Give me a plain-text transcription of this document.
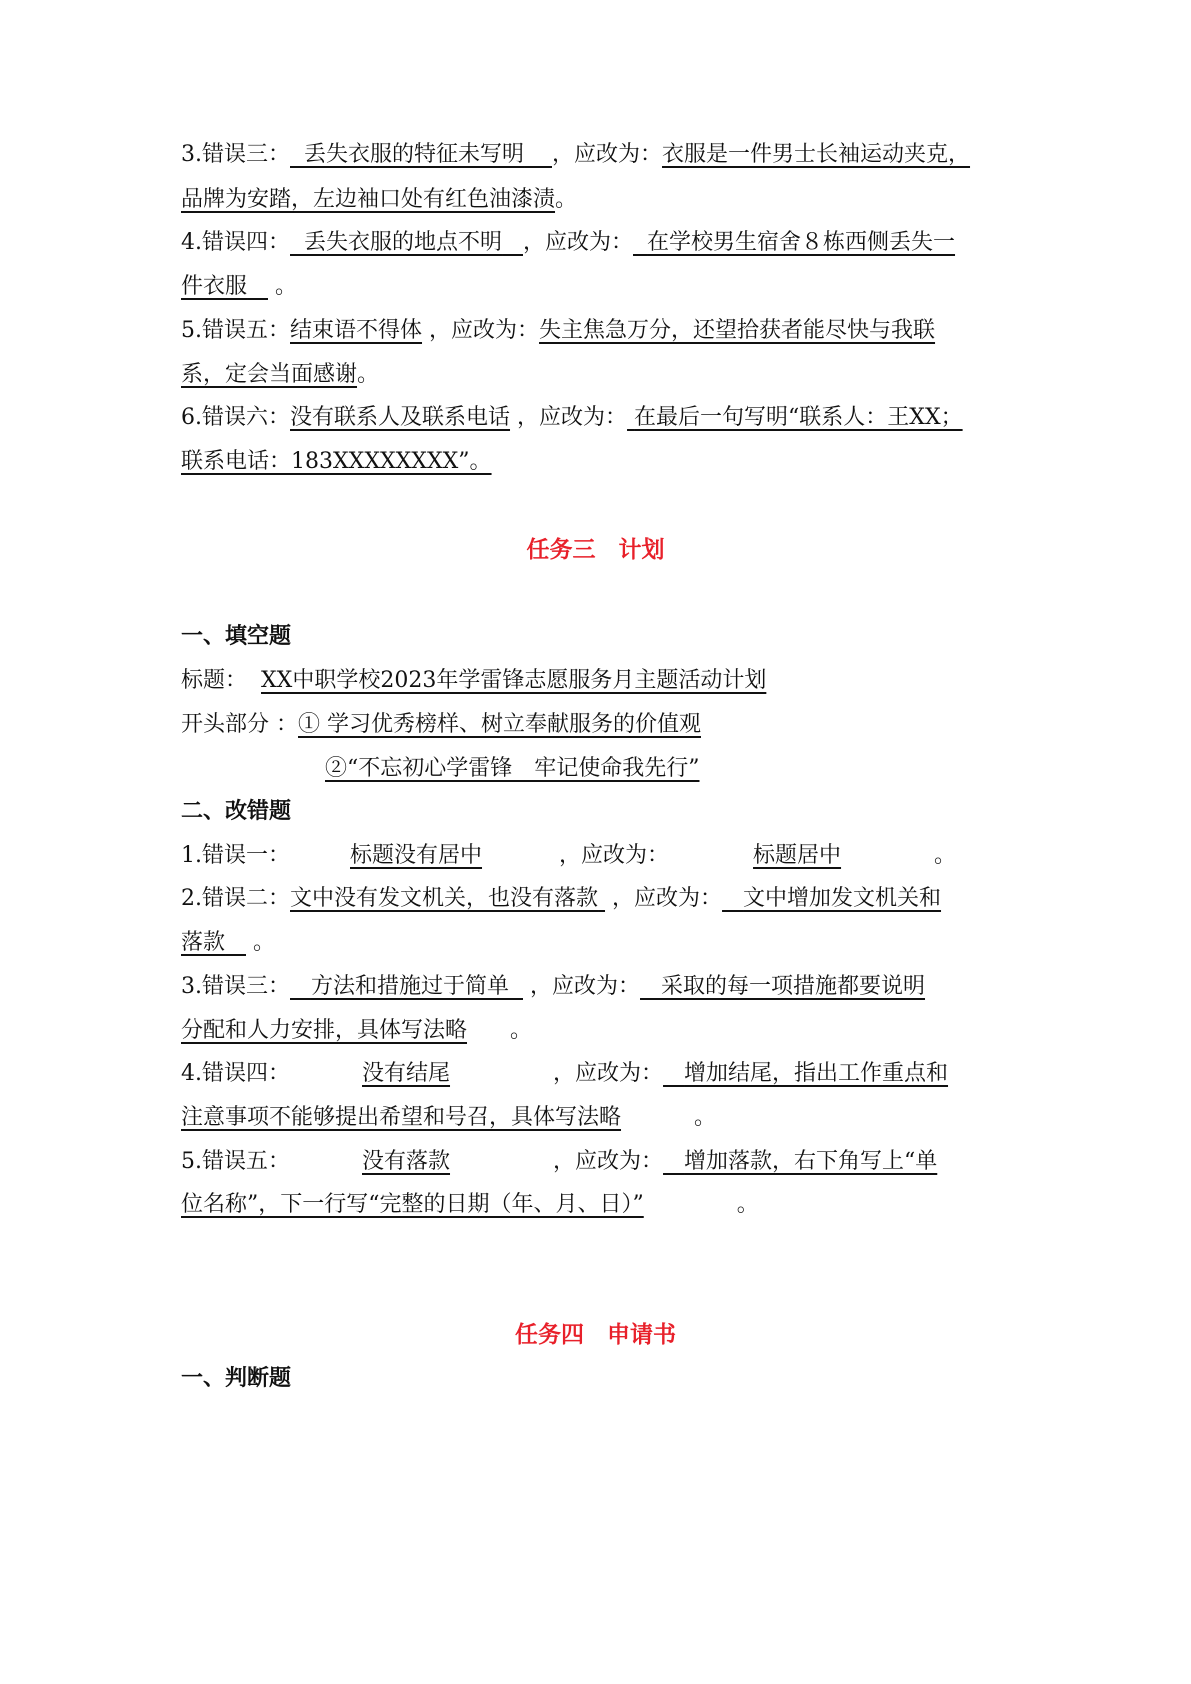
3.错误三： 丢失衣服的特征未写明 ，应改为：衣服是一件男士长袖运动夹克，
品牌为安踏，左边袖口处有红色油漆渍。
4.错误四： 丢失衣服的地点不明 ，应改为： 在学校男生宿舍８栋西侧丢失一
件衣服 。
5.错误五：结束语不得体 ，应改为：失主焦急万分，还望拾获者能尽快与我联
系，定会当面感谢。
6.错误六：没有联系人及联系电话 ，应改为： 在最后一句写明“联系人：王XX；
联系电话：183XXXXXXXX”。
任务三　计划
一、填空题
标题： XX中职学校2023年学雷锋志愿服务月主题活动计划
开头部分 ：① 学习优秀榜样、树立奉献服务的价值观
②“不忘初心学雷锋　牢记使命我先行”
二、改错题
1.错误一：	标题没有居中	，应改为：	标题居中	。
2.错误二：文中没有发文机关，也没有落款 ，应改为： 文中增加发文机关和
落款 。
3.错误三： 方法和措施过于简单 ，应改为： 采取的每一项措施都要说明
分配和人力安排，具体写法略 。
4.错误四：	没有结尾	，应改为： 增加结尾，指出工作重点和
注意事项不能够提出希望和号召，具体写法略	。
5.错误五：	没有落款	，应改为： 增加落款，右下角写上“单
位名称”，下一行写“完整的日期（年、月、日）”	。
任务四　申请书
一、判断题
